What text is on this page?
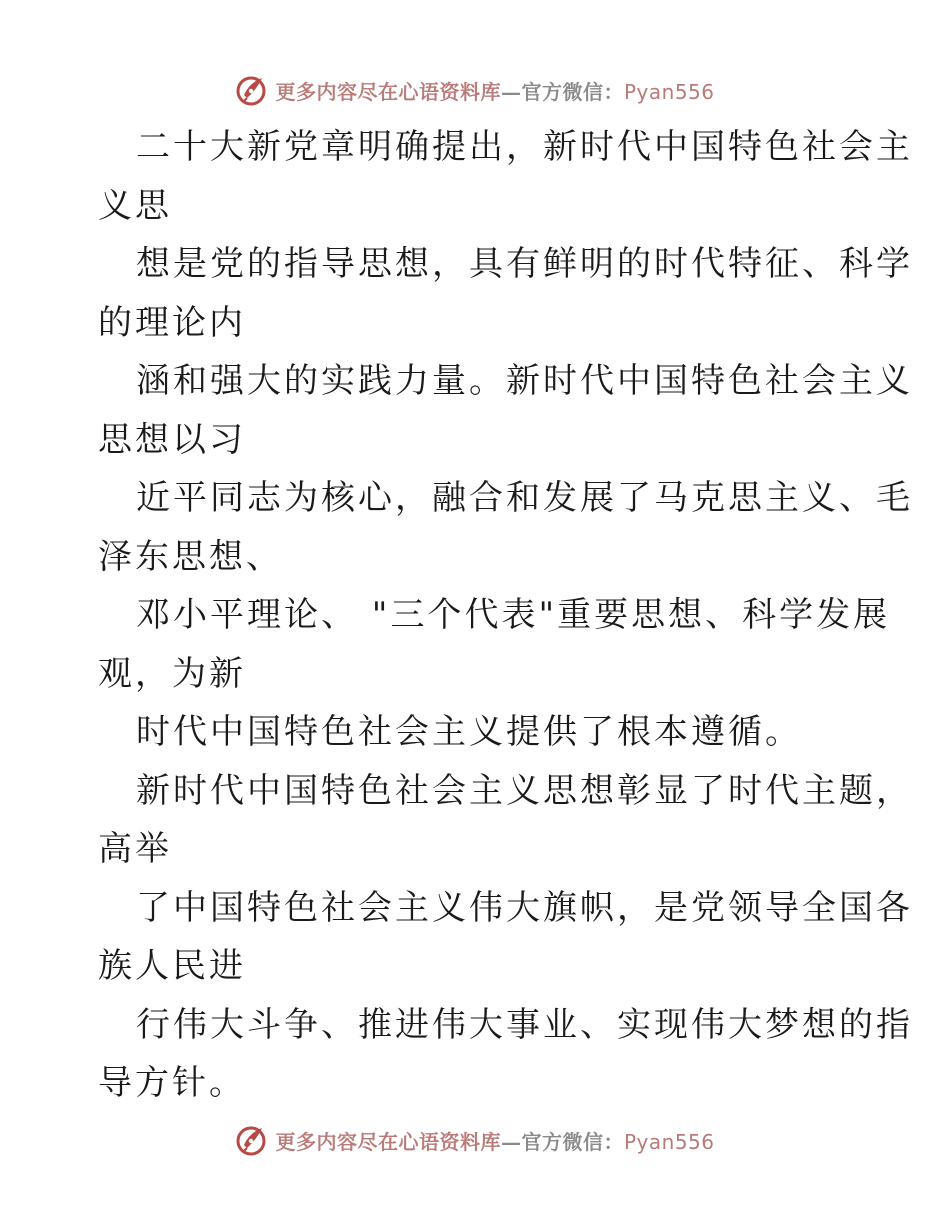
更多内容尽在心语资料库—官方微信：Pyan556
二十大新党章明确提出，新时代中国特色社会主
义思
想是党的指导思想，具有鲜明的时代特征、科学
的理论内
涵和强大的实践力量。新时代中国特色社会主义
思想以习
近平同志为核心，融合和发展了马克思主义、毛
泽东思想、
邓小平理论、 "三个代表"重要思想、科学发展
观，为新
时代中国特色社会主义提供了根本遵循。
新时代中国特色社会主义思想彰显了时代主题，
高举
了中国特色社会主义伟大旗帜，是党领导全国各
族人民进
行伟大斗争、推进伟大事业、实现伟大梦想的指
导方针。
更多内容尽在心语资料库—官方微信：Pyan556
